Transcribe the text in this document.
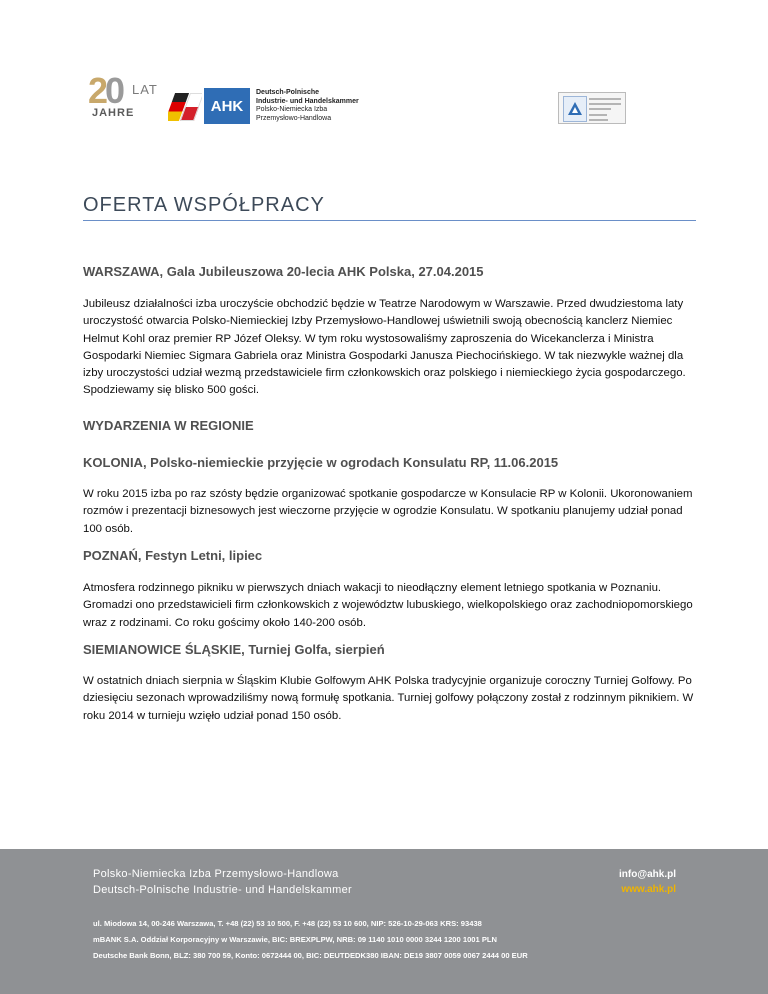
20 LAT
JAHRE	AHK
Deutsch-Polnische
Industrie- und Handelskammer
Polsko-Niemiecka Izba
Przemysłowo-Handlowa
OFERTA WSPÓŁPRACY
WARSZAWA, Gala Jubileuszowa 20-lecia AHK Polska, 27.04.2015
Jubileusz działalności izba uroczyście obchodzić będzie w Teatrze Narodowym w Warszawie. Przed dwudziestoma laty uroczystość otwarcia Polsko-Niemieckiej Izby Przemysłowo-Handlowej uświetnili swoją obecnością kanclerz Niemiec Helmut Kohl oraz premier RP Józef Oleksy. W tym roku wystosowaliśmy zaproszenia do Wicekanclerza i Ministra Gospodarki Niemiec Sigmara Gabriela oraz Ministra Gospodarki Janusza Piechocińskiego. W tak niezwykle ważnej dla izby uroczystości udział wezmą przedstawiciele firm członkowskich oraz polskiego i niemieckiego życia gospodarczego. Spodziewamy się blisko 500 gości.
WYDARZENIA W REGIONIE
KOLONIA, Polsko-niemieckie przyjęcie w ogrodach Konsulatu RP, 11.06.2015
W roku 2015 izba po raz szósty będzie organizować spotkanie gospodarcze w Konsulacie RP w Kolonii. Ukoronowaniem rozmów i prezentacji biznesowych jest wieczorne przyjęcie w ogrodzie Konsulatu. W spotkaniu planujemy udział ponad 100 osób.
POZNAŃ, Festyn Letni, lipiec
Atmosfera rodzinnego pikniku w pierwszych dniach wakacji to nieodłączny element letniego spotkania w Poznaniu. Gromadzi ono przedstawicieli firm członkowskich z województw lubuskiego, wielkopolskiego oraz zachodniopomorskiego wraz z rodzinami. Co roku gościmy około 140-200 osób.
SIEMIANOWICE ŚLĄSKIE, Turniej Golfa, sierpień
W ostatnich dniach sierpnia w Śląskim Klubie Golfowym AHK Polska tradycyjnie organizuje coroczny Turniej Golfowy. Po dziesięciu sezonach wprowadziliśmy nową formułę spotkania. Turniej golfowy połączony został z rodzinnym piknikiem. W roku 2014 w turnieju wzięło udział ponad 150 osób.
Polsko-Niemiecka Izba Przemysłowo-Handlowa
Deutsch-Polnische Industrie- und Handelskammer
info@ahk.pl
www.ahk.pl
ul. Miodowa 14, 00-246 Warszawa, T. +48 (22) 53 10 500, F. +48 (22) 53 10 600, NIP: 526-10-29-063 KRS: 93438
mBANK S.A. Oddział Korporacyjny w Warszawie, BIC: BREXPLPW, NRB: 09 1140 1010 0000 3244 1200 1001 PLN
Deutsche Bank Bonn, BLZ: 380 700 59, Konto: 0672444 00, BIC: DEUTDEDK380 IBAN: DE19 3807 0059 0067 2444 00 EUR
